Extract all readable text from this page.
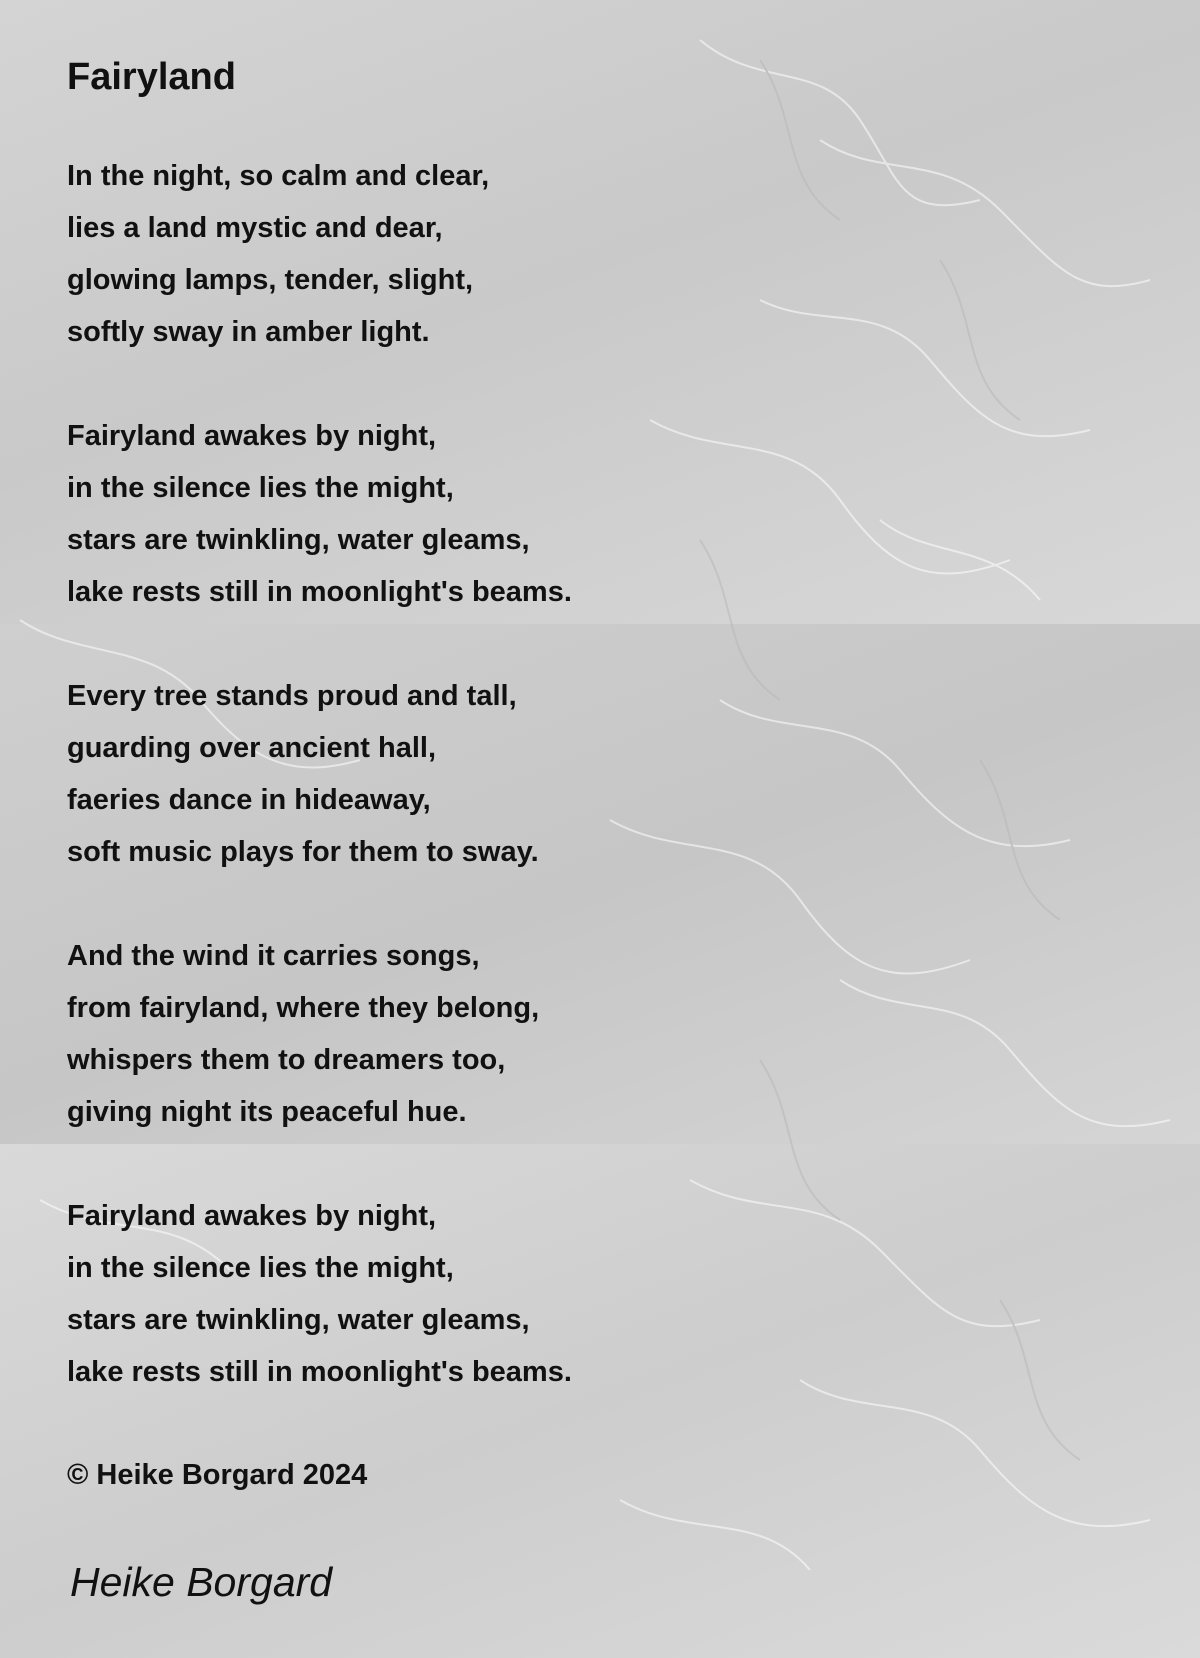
Fairyland
In the night, so calm and clear,
lies a land mystic and dear,
glowing lamps, tender, slight,
softly sway in amber light.
Fairyland awakes by night,
in the silence lies the might,
stars are twinkling, water gleams,
lake rests still in moonlight's beams.
Every tree stands proud and tall,
guarding over ancient hall,
faeries dance in hideaway,
soft music plays for them to sway.
And the wind it carries songs,
from fairyland, where they belong,
whispers them to dreamers too,
giving night its peaceful hue.
Fairyland awakes by night,
in the silence lies the might,
stars are twinkling, water gleams,
lake rests still in moonlight's beams.
© Heike Borgard 2024
Heike Borgard
